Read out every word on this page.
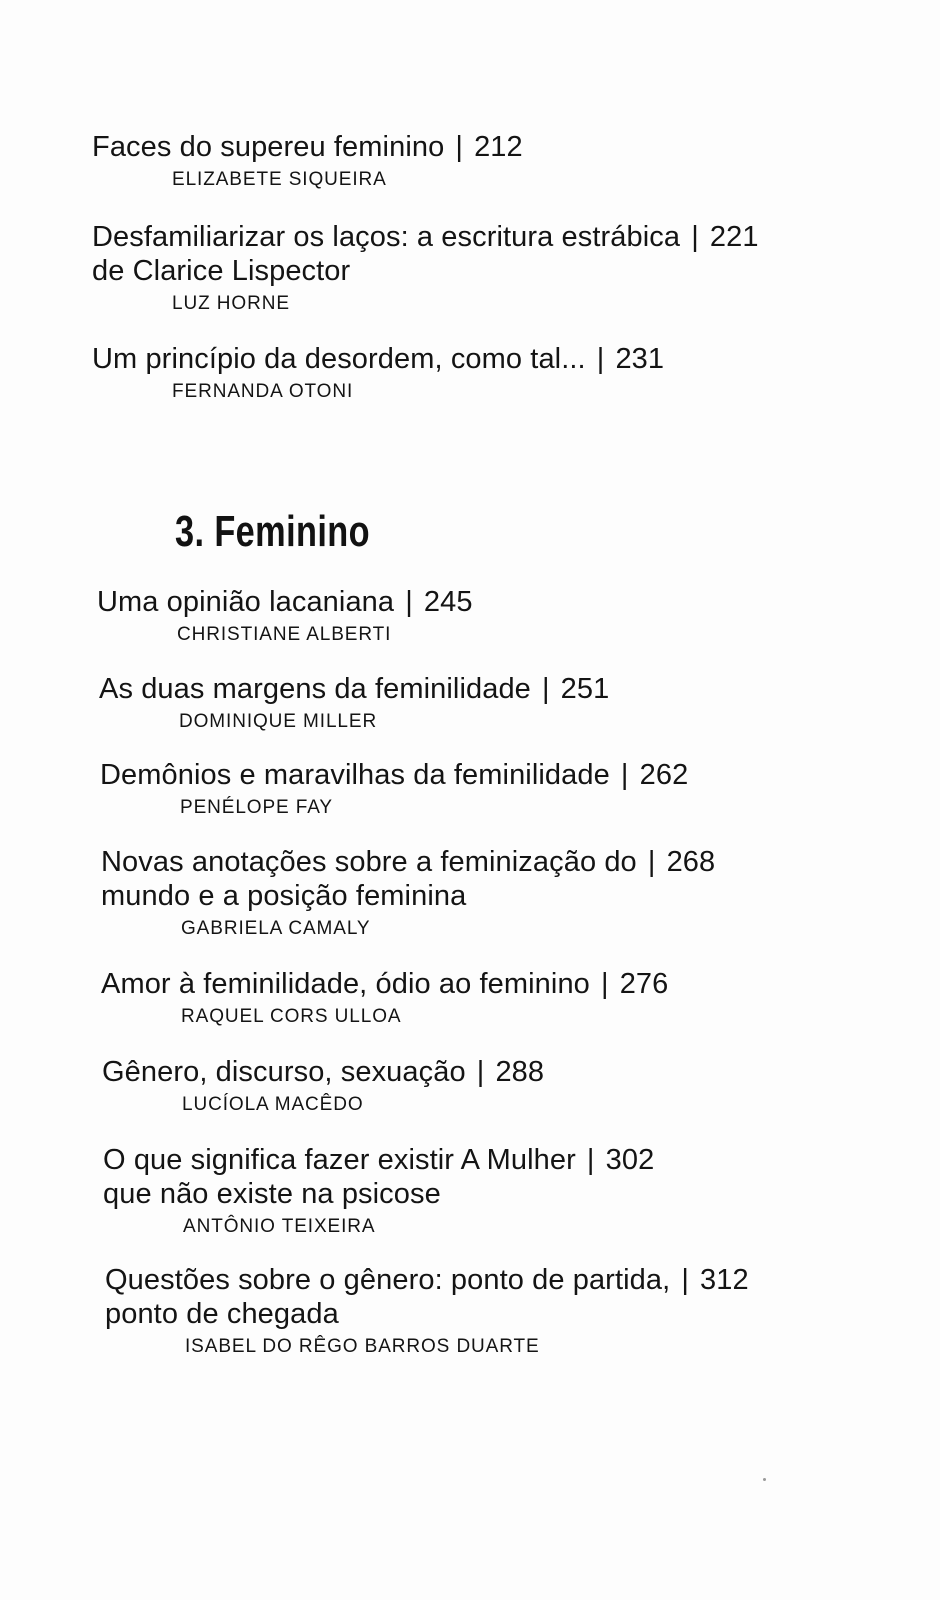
Faces do supereu feminino | 212
ELIZABETE SIQUEIRA
Desfamiliarizar os laços: a escritura estrábica | 221
de Clarice Lispector
LUZ HORNE
Um princípio da desordem, como tal... | 231
FERNANDA OTONI
3. Feminino
Uma opinião lacaniana | 245
CHRISTIANE ALBERTI
As duas margens da feminilidade | 251
DOMINIQUE MILLER
Demônios e maravilhas da feminilidade | 262
PENÉLOPE FAY
Novas anotações sobre a feminização do | 268
mundo e a posição feminina
GABRIELA CAMALY
Amor à feminilidade, ódio ao feminino | 276
RAQUEL CORS ULLOA
Gênero, discurso, sexuação | 288
LUCÍOLA MACÊDO
O que significa fazer existir A Mulher | 302
que não existe na psicose
ANTÔNIO TEIXEIRA
Questões sobre o gênero: ponto de partida, | 312
ponto de chegada
ISABEL DO RÊGO BARROS DUARTE
